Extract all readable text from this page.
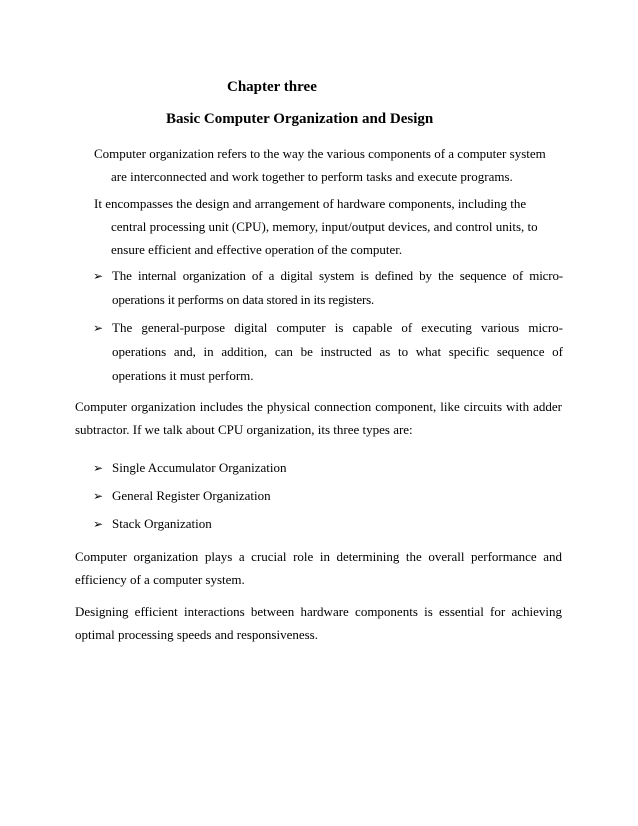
Chapter three
Basic Computer Organization and Design

Computer organization refers to the way the various components of a computer system are interconnected and work together to perform tasks and execute programs.

It encompasses the design and arrangement of hardware components, including the central processing unit (CPU), memory, input/output devices, and control units, to ensure efficient and effective operation of the computer.

➢ The internal organization of a digital system is defined by the sequence of micro-operations it performs on data stored in its registers.
➢ The general-purpose digital computer is capable of executing various micro-operations and, in addition, can be instructed as to what specific sequence of operations it must perform.

Computer organization includes the physical connection component, like circuits with adder subtractor. If we talk about CPU organization, its three types are:

➢ Single Accumulator Organization
➢ General Register Organization
➢ Stack Organization

Computer organization plays a crucial role in determining the overall performance and efficiency of a computer system.

Designing efficient interactions between hardware components is essential for achieving optimal processing speeds and responsiveness.
